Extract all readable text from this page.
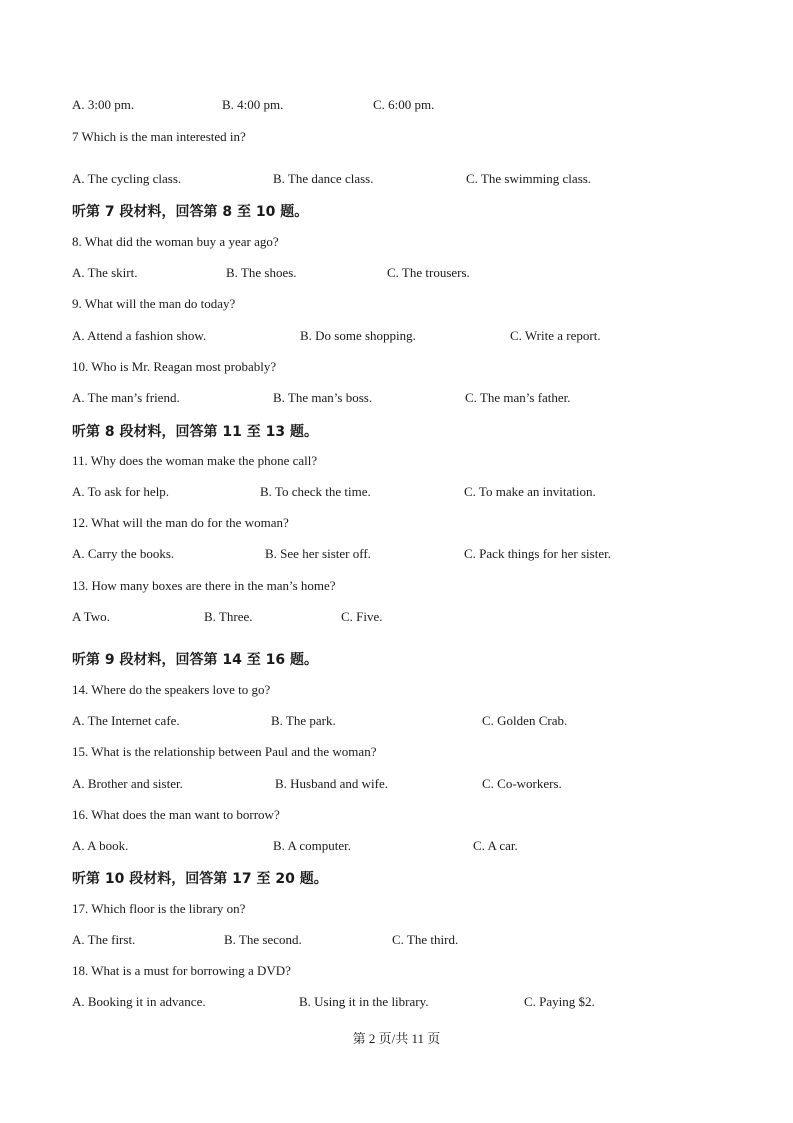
A. 3:00 pm.	B. 4:00 pm.	C. 6:00 pm.
7 Which is the man interested in?
A. The cycling class.	B. The dance class.	C. The swimming class.
听第 7 段材料，回答第 8 至 10 题。
8. What did the woman buy a year ago?
A. The skirt.	B. The shoes.	C. The trousers.
9. What will the man do today?
A. Attend a fashion show.	B. Do some shopping.	C. Write a report.
10. Who is Mr. Reagan most probably?
A. The man’s friend.	B. The man’s boss.	C. The man’s father.
听第 8 段材料，回答第 11 至 13 题。
11. Why does the woman make the phone call?
A. To ask for help.	B. To check the time.	C. To make an invitation.
12. What will the man do for the woman?
A. Carry the books.	B. See her sister off.	C. Pack things for her sister.
13. How many boxes are there in the man’s home?
A Two.	B. Three.	C. Five.
听第 9 段材料，回答第 14 至 16 题。
14. Where do the speakers love to go?
A. The Internet cafe.	B. The park.	C. Golden Crab.
15. What is the relationship between Paul and the woman?
A. Brother and sister.	B. Husband and wife.	C. Co-workers.
16. What does the man want to borrow?
A. A book.	B. A computer.	C. A car.
听第 10 段材料，回答第 17 至 20 题。
17. Which floor is the library on?
A. The first.	B. The second.	C. The third.
18. What is a must for borrowing a DVD?
A. Booking it in advance.	B. Using it in the library.	C. Paying $2.
第 2 页/共 11 页
